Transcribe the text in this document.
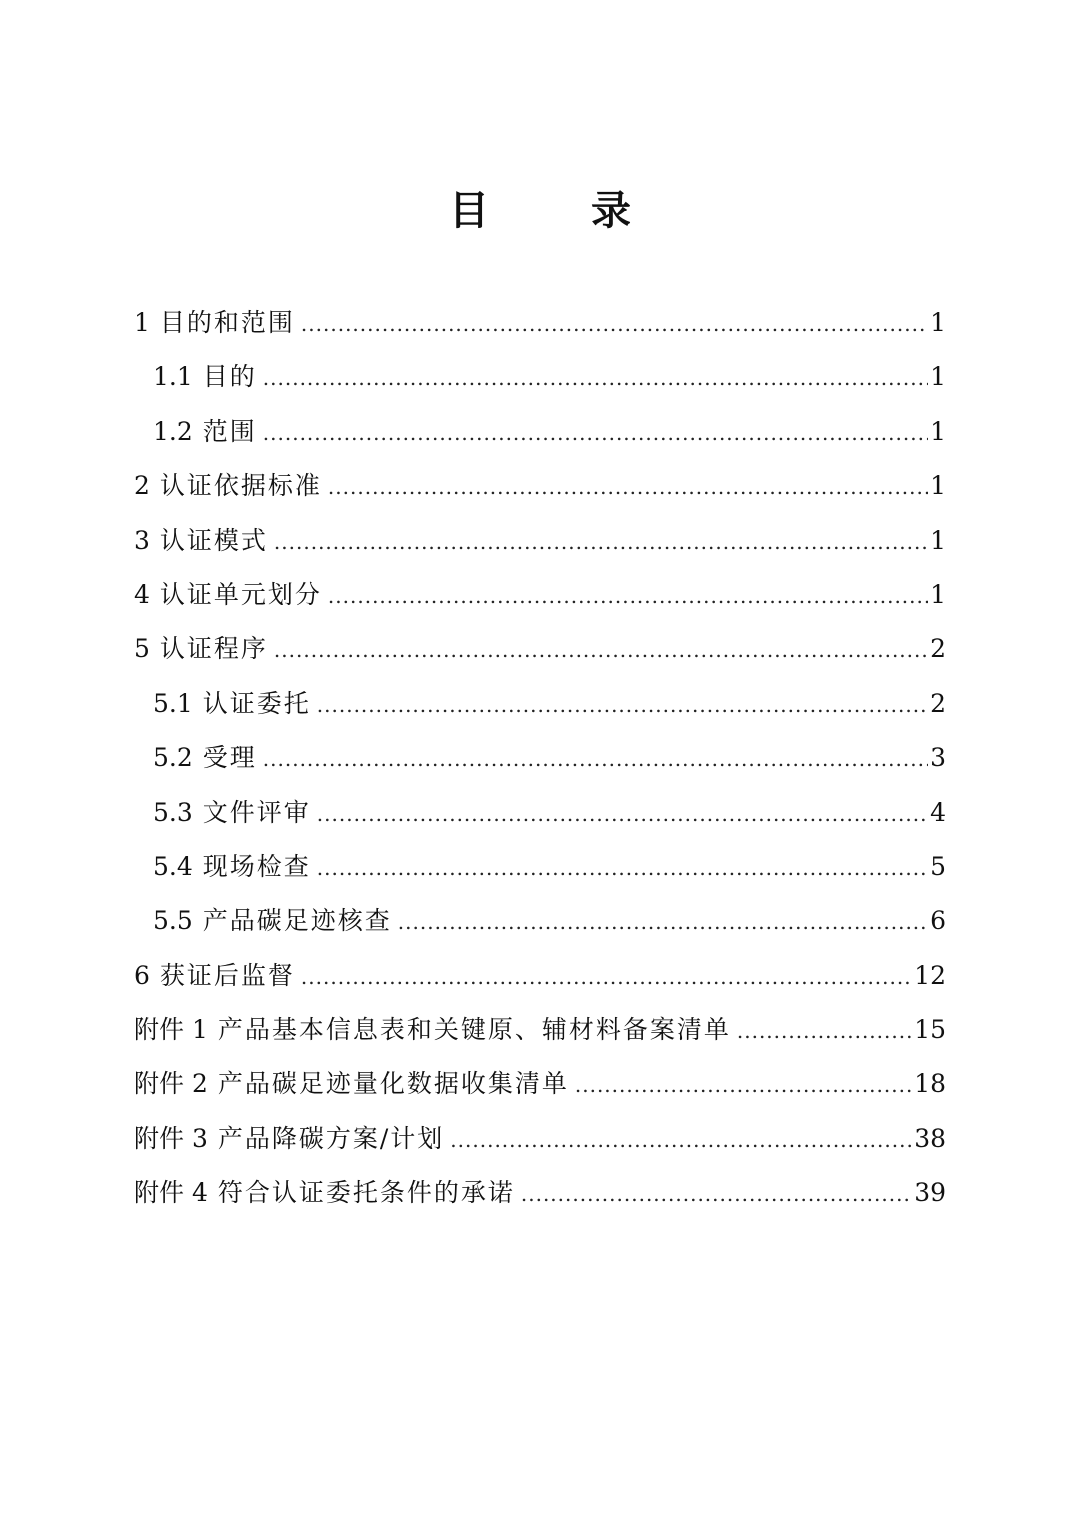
目 录
1 目的和范围 .....	1
1.1 目的 .....	1
1.2 范围 .....	1
2 认证依据标准 .....	1
3 认证模式 .....	1
4 认证单元划分 .....	1
5 认证程序 .....	2
5.1 认证委托 .....	2
5.2 受理 .....	3
5.3 文件评审 .....	4
5.4 现场检查 .....	5
5.5 产品碳足迹核查 .....	6
6 获证后监督 .....	12
附件 1 产品基本信息表和关键原、辅材料备案清单 .....	15
附件 2 产品碳足迹量化数据收集清单 .....	18
附件 3 产品降碳方案/计划 .....	38
附件 4 符合认证委托条件的承诺 .....	39
